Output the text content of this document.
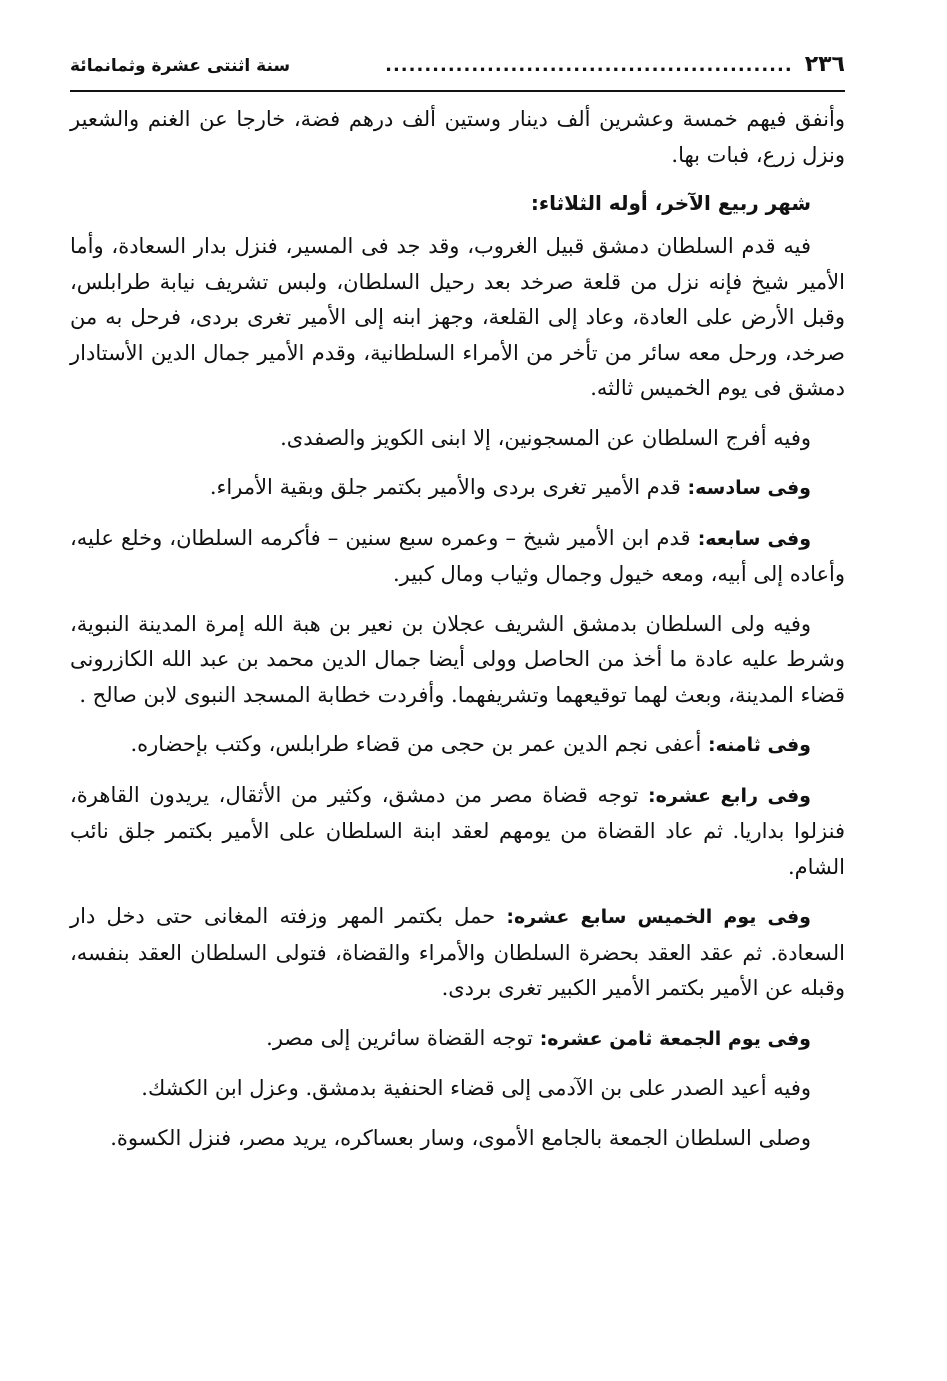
٢٣٦
....................................................
سنة اثنتى عشرة وثمانمائة

وأنفق فيهم خمسة وعشرين ألف دينار وستين ألف درهم فضة، خارجا عن الغنم والشعير ونزل زرع، فبات بها.

شهر ربيع الآخر، أوله الثلاثاء:

فيه قدم السلطان دمشق قبيل الغروب، وقد جد فى المسير، فنزل بدار السعادة، وأما الأمير شيخ فإنه نزل من قلعة صرخد بعد رحيل السلطان، ولبس تشريف نيابة طرابلس، وقبل الأرض على العادة، وعاد إلى القلعة، وجهز ابنه إلى الأمير تغرى بردى، فرحل به من صرخد، ورحل معه سائر من تأخر من الأمراء السلطانية، وقدم الأمير جمال الدين الأستادار دمشق فى يوم الخميس ثالثه.

وفيه أفرج السلطان عن المسجونين، إلا ابنى الكويز والصفدى.

وفى سادسه: قدم الأمير تغرى بردى والأمير بكتمر جلق وبقية الأمراء.

وفى سابعه: قدم ابن الأمير شيخ – وعمره سبع سنين – فأكرمه السلطان، وخلع عليه، وأعاده إلى أبيه، ومعه خيول وجمال وثياب ومال كبير.

وفيه ولى السلطان بدمشق الشريف عجلان بن نعير بن هبة الله إمرة المدينة النبوية، وشرط عليه عادة ما أخذ من الحاصل وولى أيضا جمال الدين محمد بن عبد الله الكازرونى قضاء المدينة، وبعث لهما توقيعهما وتشريفهما. وأفردت خطابة المسجد النبوى لابن صالح .

وفى ثامنه: أعفى نجم الدين عمر بن حجى من قضاء طرابلس، وكتب بإحضاره.

وفى رابع عشره: توجه قضاة مصر من دمشق، وكثير من الأثقال، يريدون القاهرة، فنزلوا بداريا. ثم عاد القضاة من يومهم لعقد ابنة السلطان على الأمير بكتمر جلق نائب الشام.

وفى يوم الخميس سابع عشره: حمل بكتمر المهر وزفته المغانى حتى دخل دار السعادة. ثم عقد العقد بحضرة السلطان والأمراء والقضاة، فتولى السلطان العقد بنفسه، وقبله عن الأمير بكتمر الأمير الكبير تغرى بردى.

وفى يوم الجمعة ثامن عشره: توجه القضاة سائرين إلى مصر.

وفيه أعيد الصدر على بن الآدمى إلى قضاء الحنفية بدمشق. وعزل ابن الكشك.

وصلى السلطان الجمعة بالجامع الأموى، وسار بعساكره، يريد مصر، فنزل الكسوة.
